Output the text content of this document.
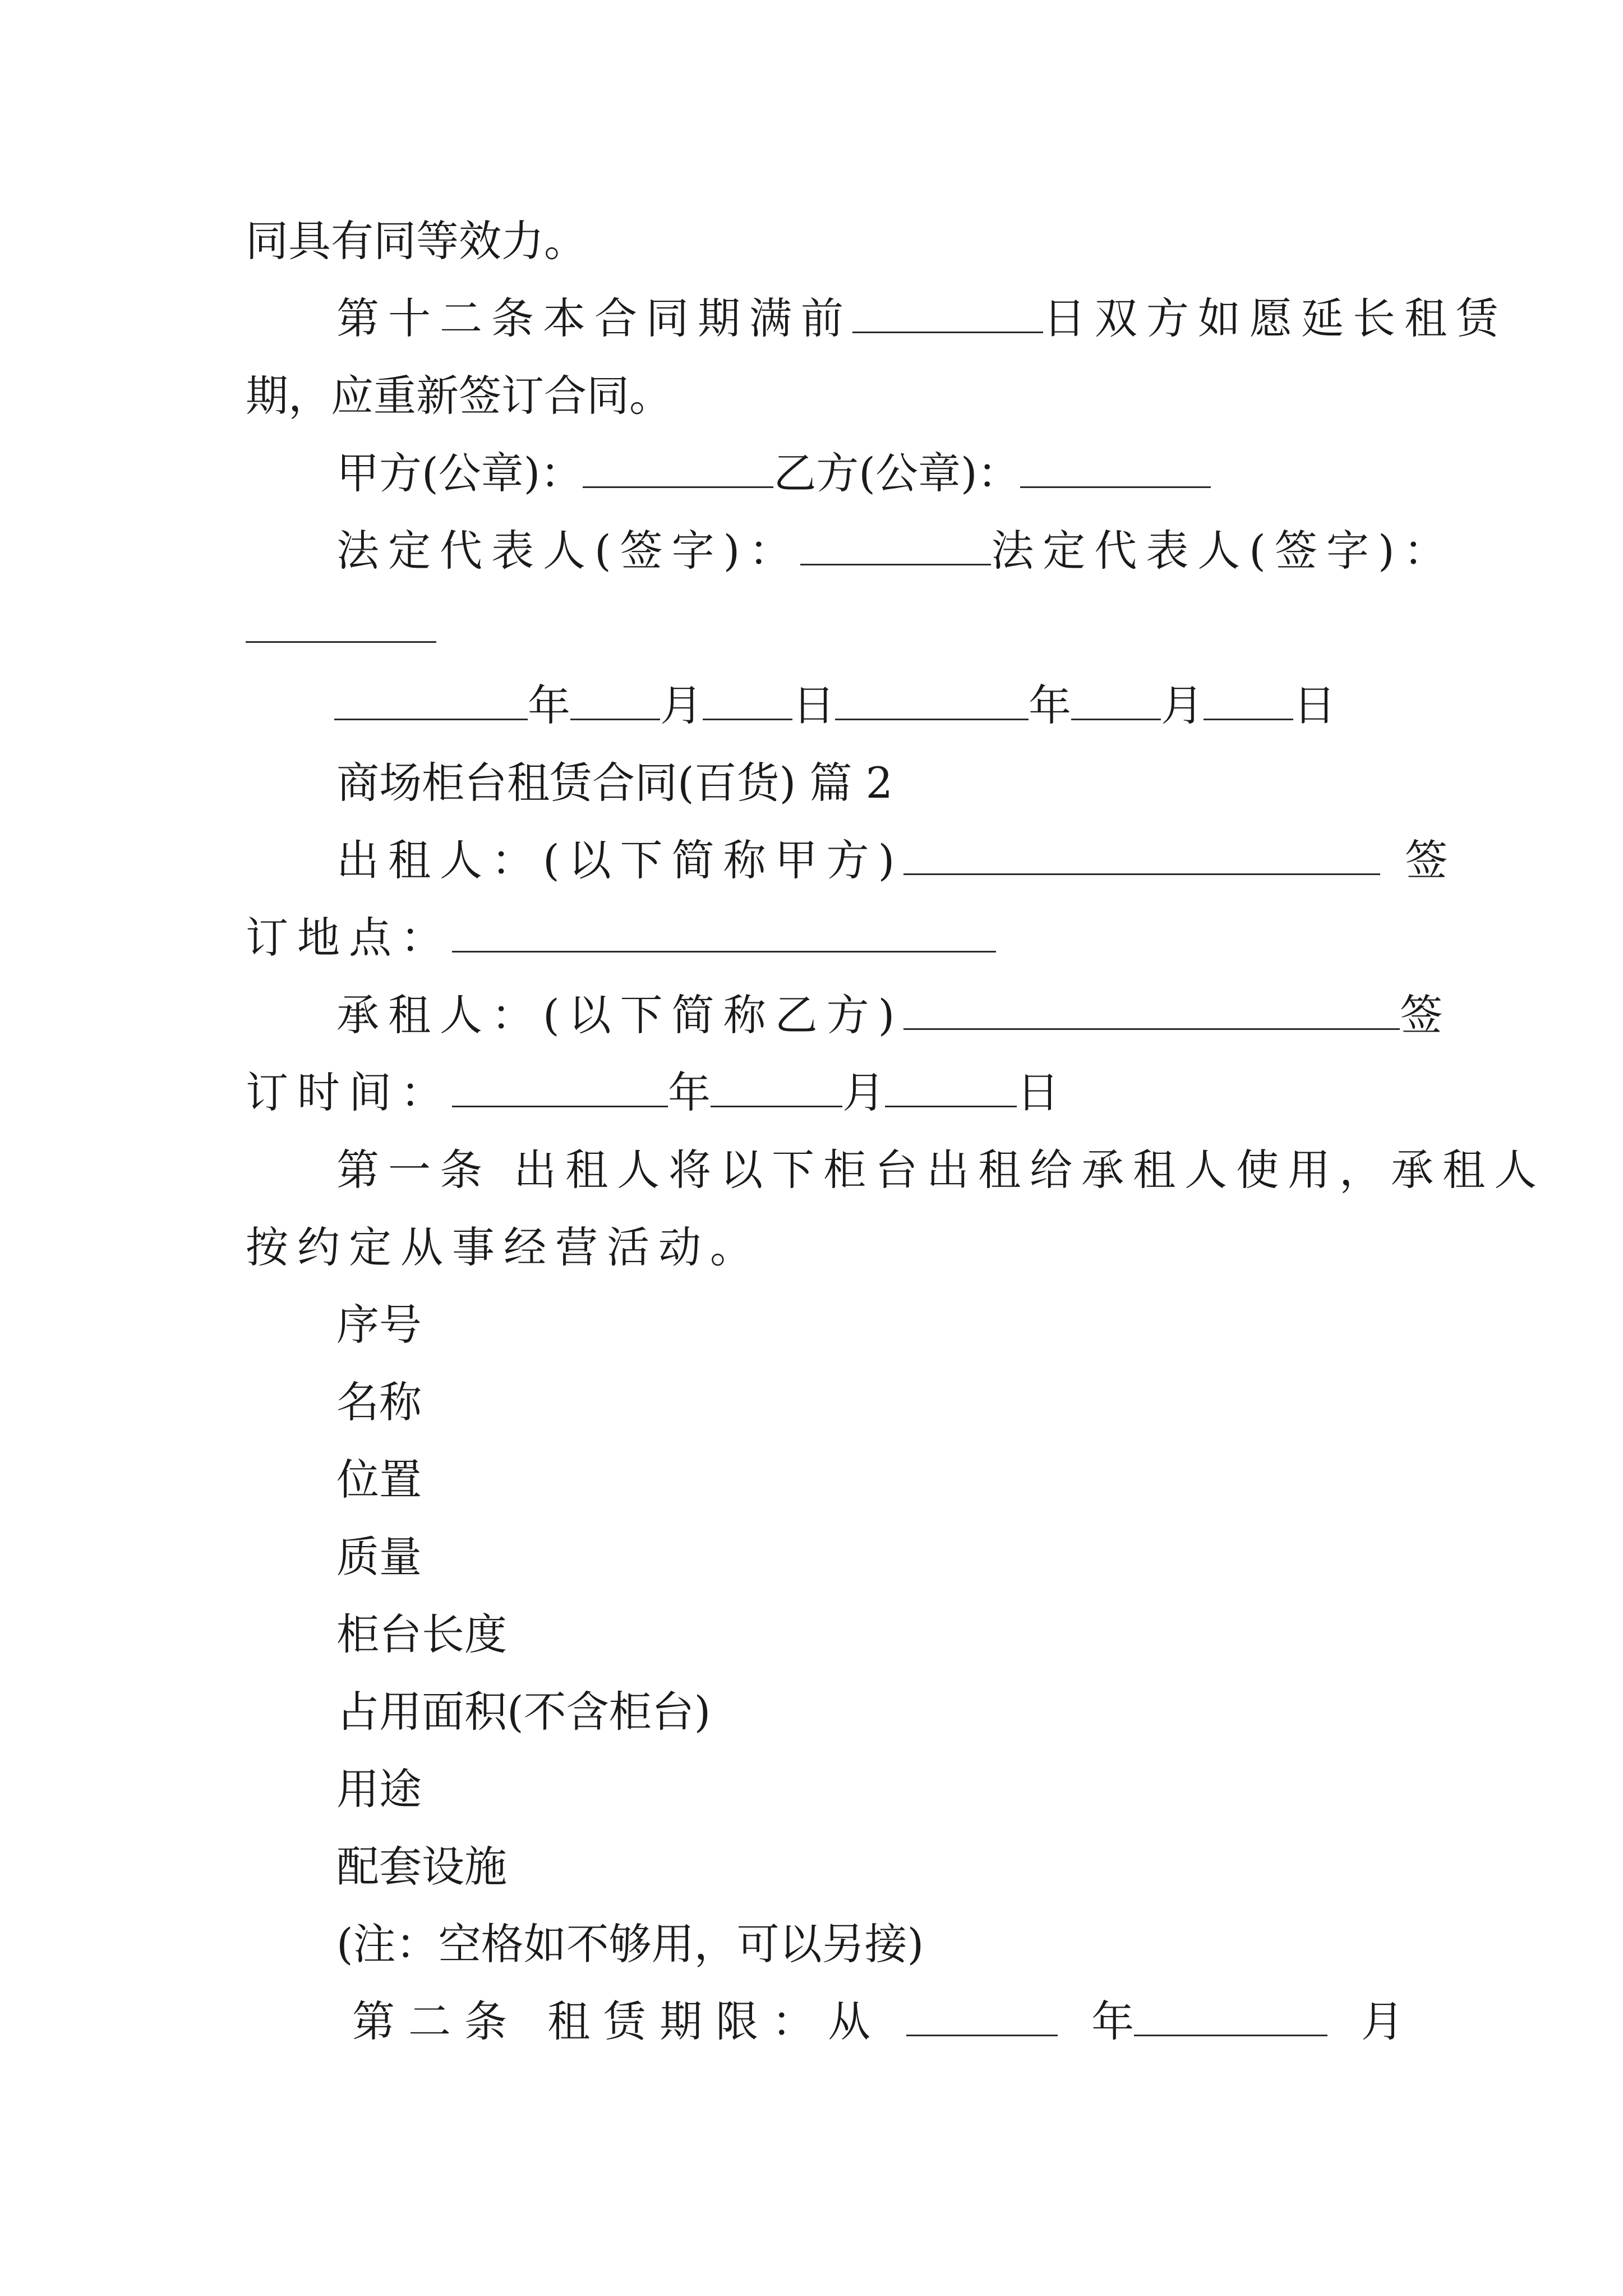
同具有同等效力。
第十二条本合同期满前	日双方如愿延长租赁
期，应重新签订合同。
甲方(公章)：	乙方(公章)：
法定代表人(签字)：	法定代表人(签字)：
年 月 日	年 月 日
商场柜台租赁合同(百货) 篇 2
出租人：(以下简称甲方)	签
订地点：
承租人：(以下简称乙方)	签
订时间：	年	月	日
第一条 出租人将以下柜台出租给承租人使用，承租人
按约定从事经营活动。
序号
名称
位置
质量
柜台长度
占用面积(不含柜台)
用途
配套设施
(注：空格如不够用，可以另接)
第二条 租赁期限：从	年	月
